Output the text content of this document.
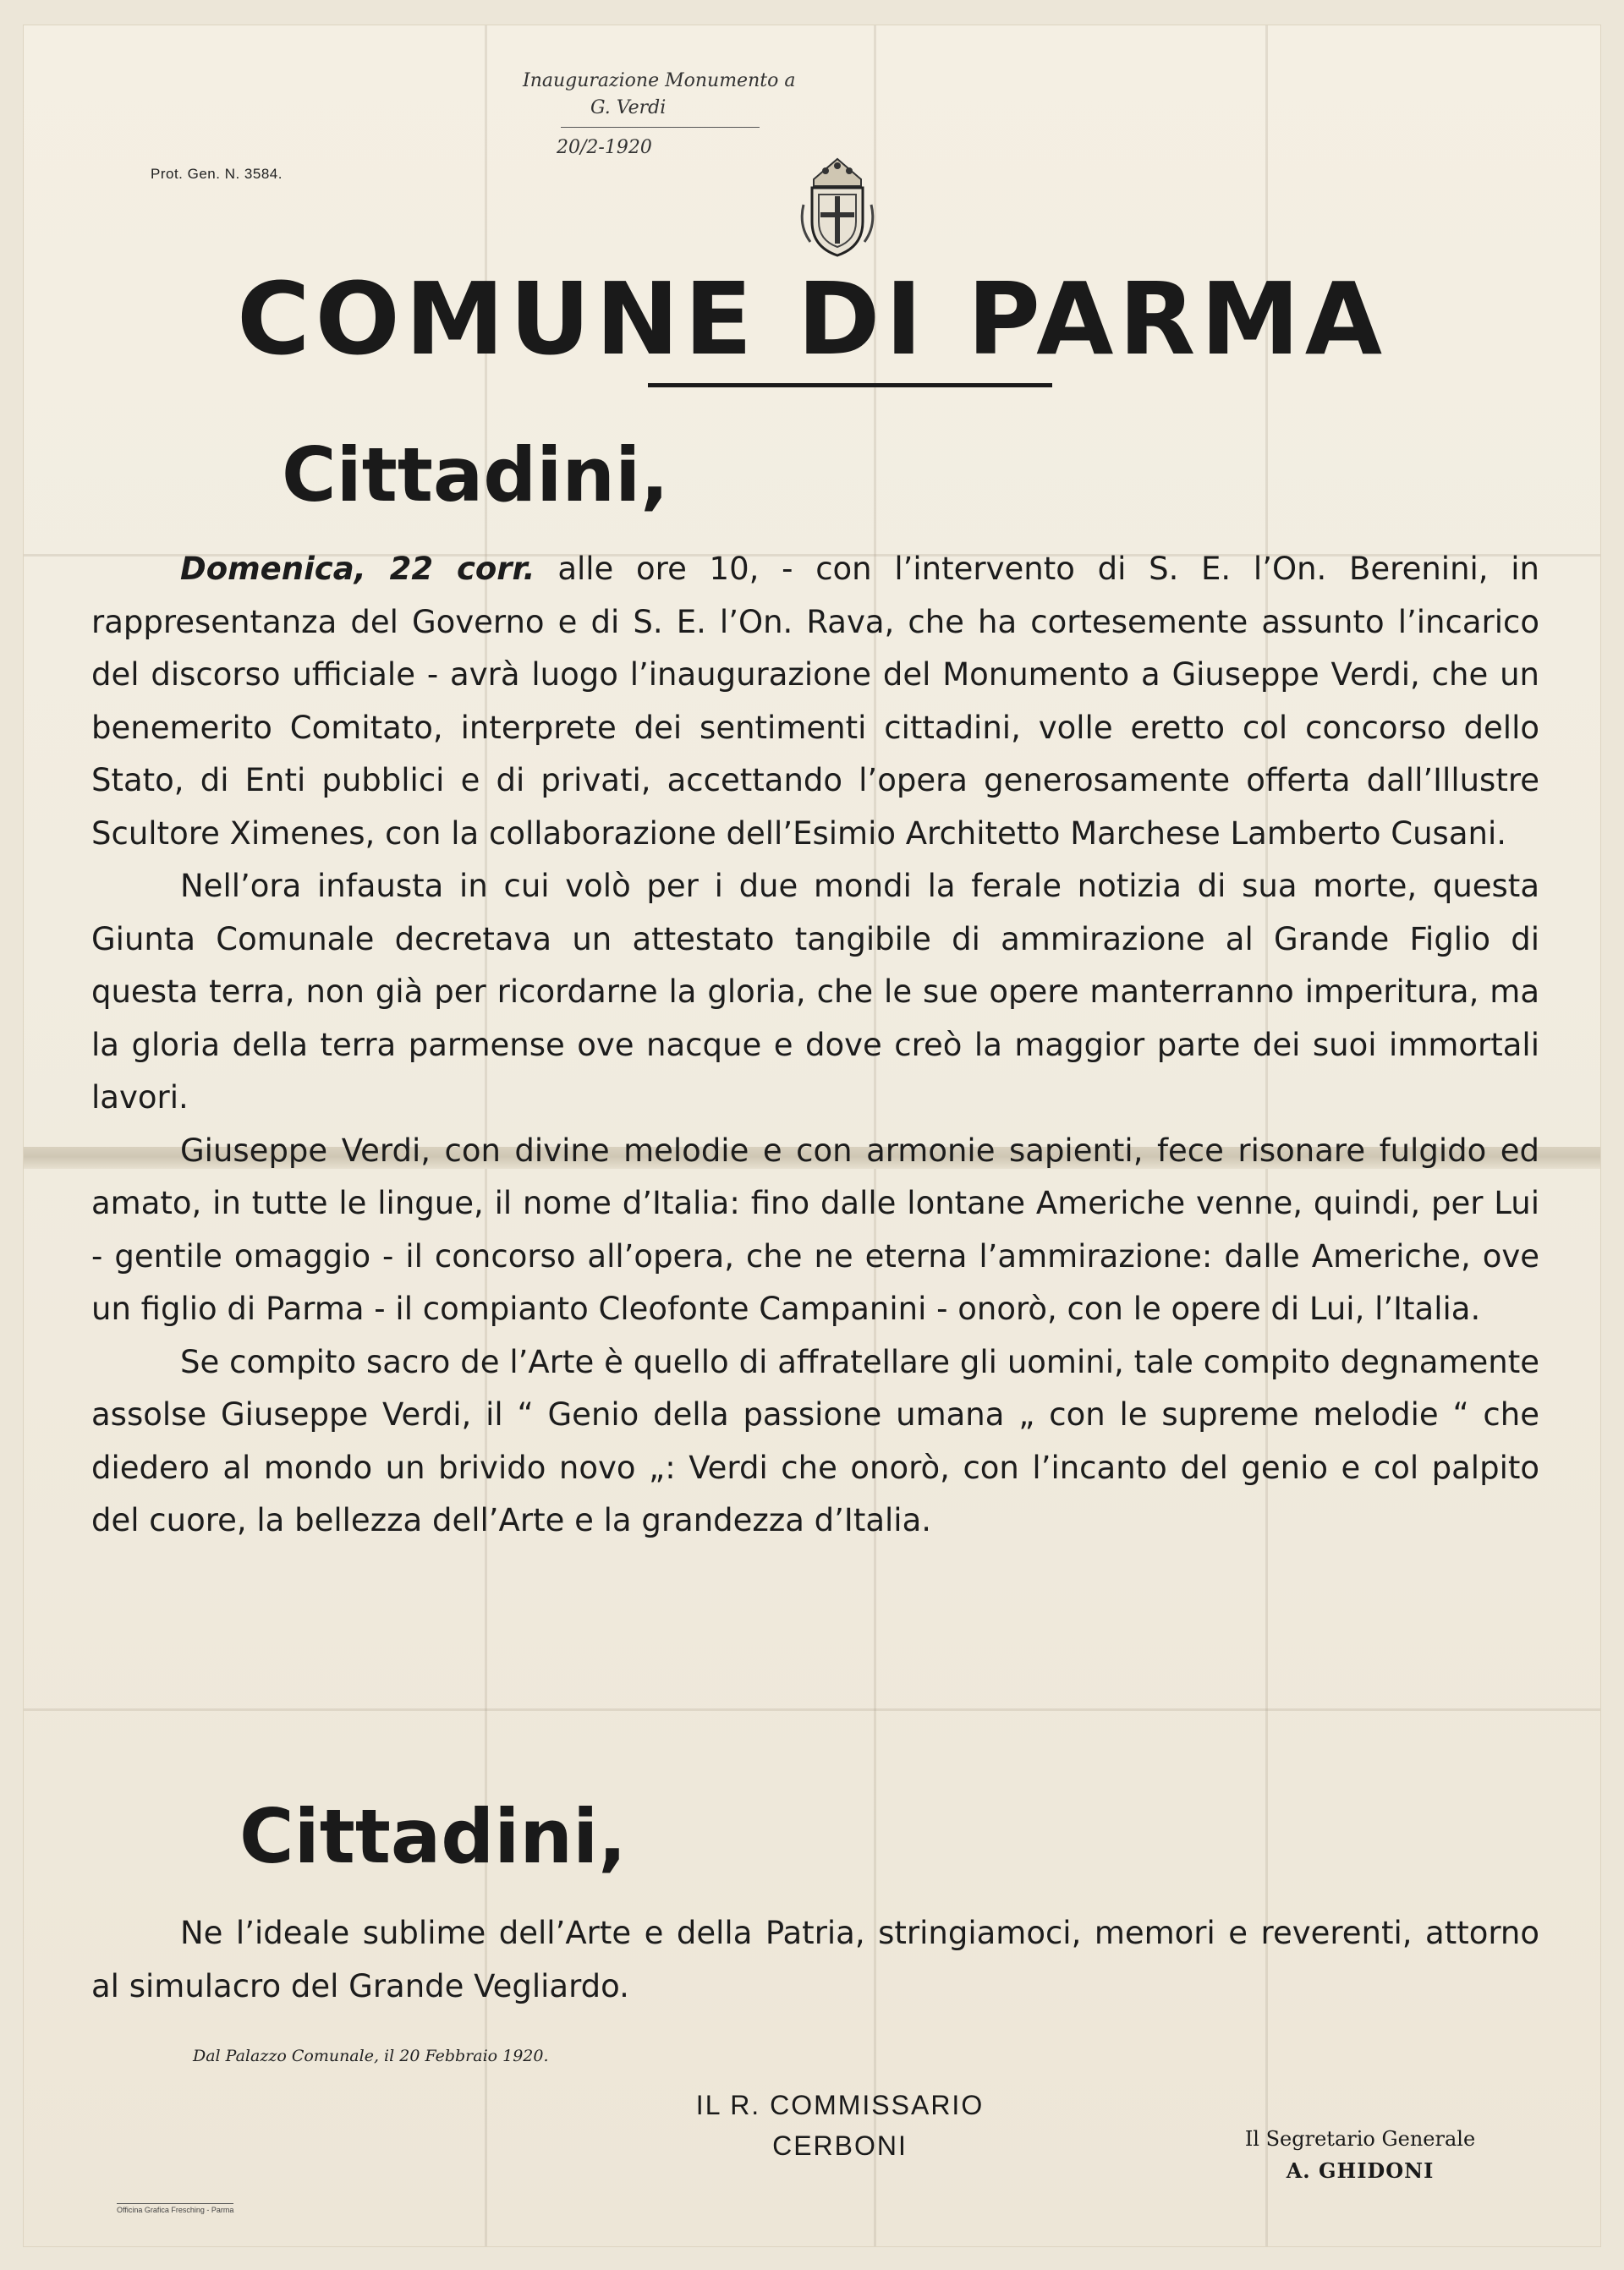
Prot. Gen. N. 3584.
Inaugurazione Monumento a
G. Verdi
20/2-1920
COMUNE DI PARMA
Cittadini,

Domenica, 22 corr. alle ore 10, - con l’intervento di S. E. l’On. Berenini, in rappresentanza del Governo e di S. E. l’On. Rava, che ha cortesemente assunto l’incarico del discorso ufficiale - avrà luogo l’inaugurazione del Monumento a Giuseppe Verdi, che un benemerito Comitato, interprete dei sentimenti cittadini, volle eretto col concorso dello Stato, di Enti pubblici e di privati, accettando l’opera generosamente offerta dall’Illustre Scultore Ximenes, con la collaborazione dell’Esimio Architetto Marchese Lamberto Cusani.

Nell’ora infausta in cui volò per i due mondi la ferale notizia di sua morte, questa Giunta Comunale decretava un attestato tangibile di ammirazione al Grande Figlio di questa terra, non già per ricordarne la gloria, che le sue opere manterranno imperitura, ma la gloria della terra parmense ove nacque e dove creò la maggior parte dei suoi immortali lavori.

Giuseppe Verdi, con divine melodie e con armonie sapienti, fece risonare fulgido ed amato, in tutte le lingue, il nome d’Italia: fino dalle lontane Americhe venne, quindi, per Lui - gentile omaggio - il concorso all’opera, che ne eterna l’ammirazione: dalle Americhe, ove un figlio di Parma - il compianto Cleofonte Campanini - onorò, con le opere di Lui, l’Italia.

Se compito sacro de l’Arte è quello di affratellare gli uomini, tale compito degnamente assolse Giuseppe Verdi, il “ Genio della passione umana „ con le supreme melodie “ che diedero al mondo un brivido novo „: Verdi che onorò, con l’incanto del genio e col palpito del cuore, la bellezza dell’Arte e la grandezza d’Italia.

Cittadini,

Ne l’ideale sublime dell’Arte e della Patria, stringiamoci, memori e reverenti, attorno al simulacro del Grande Vegliardo.

Dal Palazzo Comunale, il 20 Febbraio 1920.
IL R. COMMISSARIO
CERBONI	Il Segretario Generale
A. GHIDONI
Officina Grafica Fresching - Parma
